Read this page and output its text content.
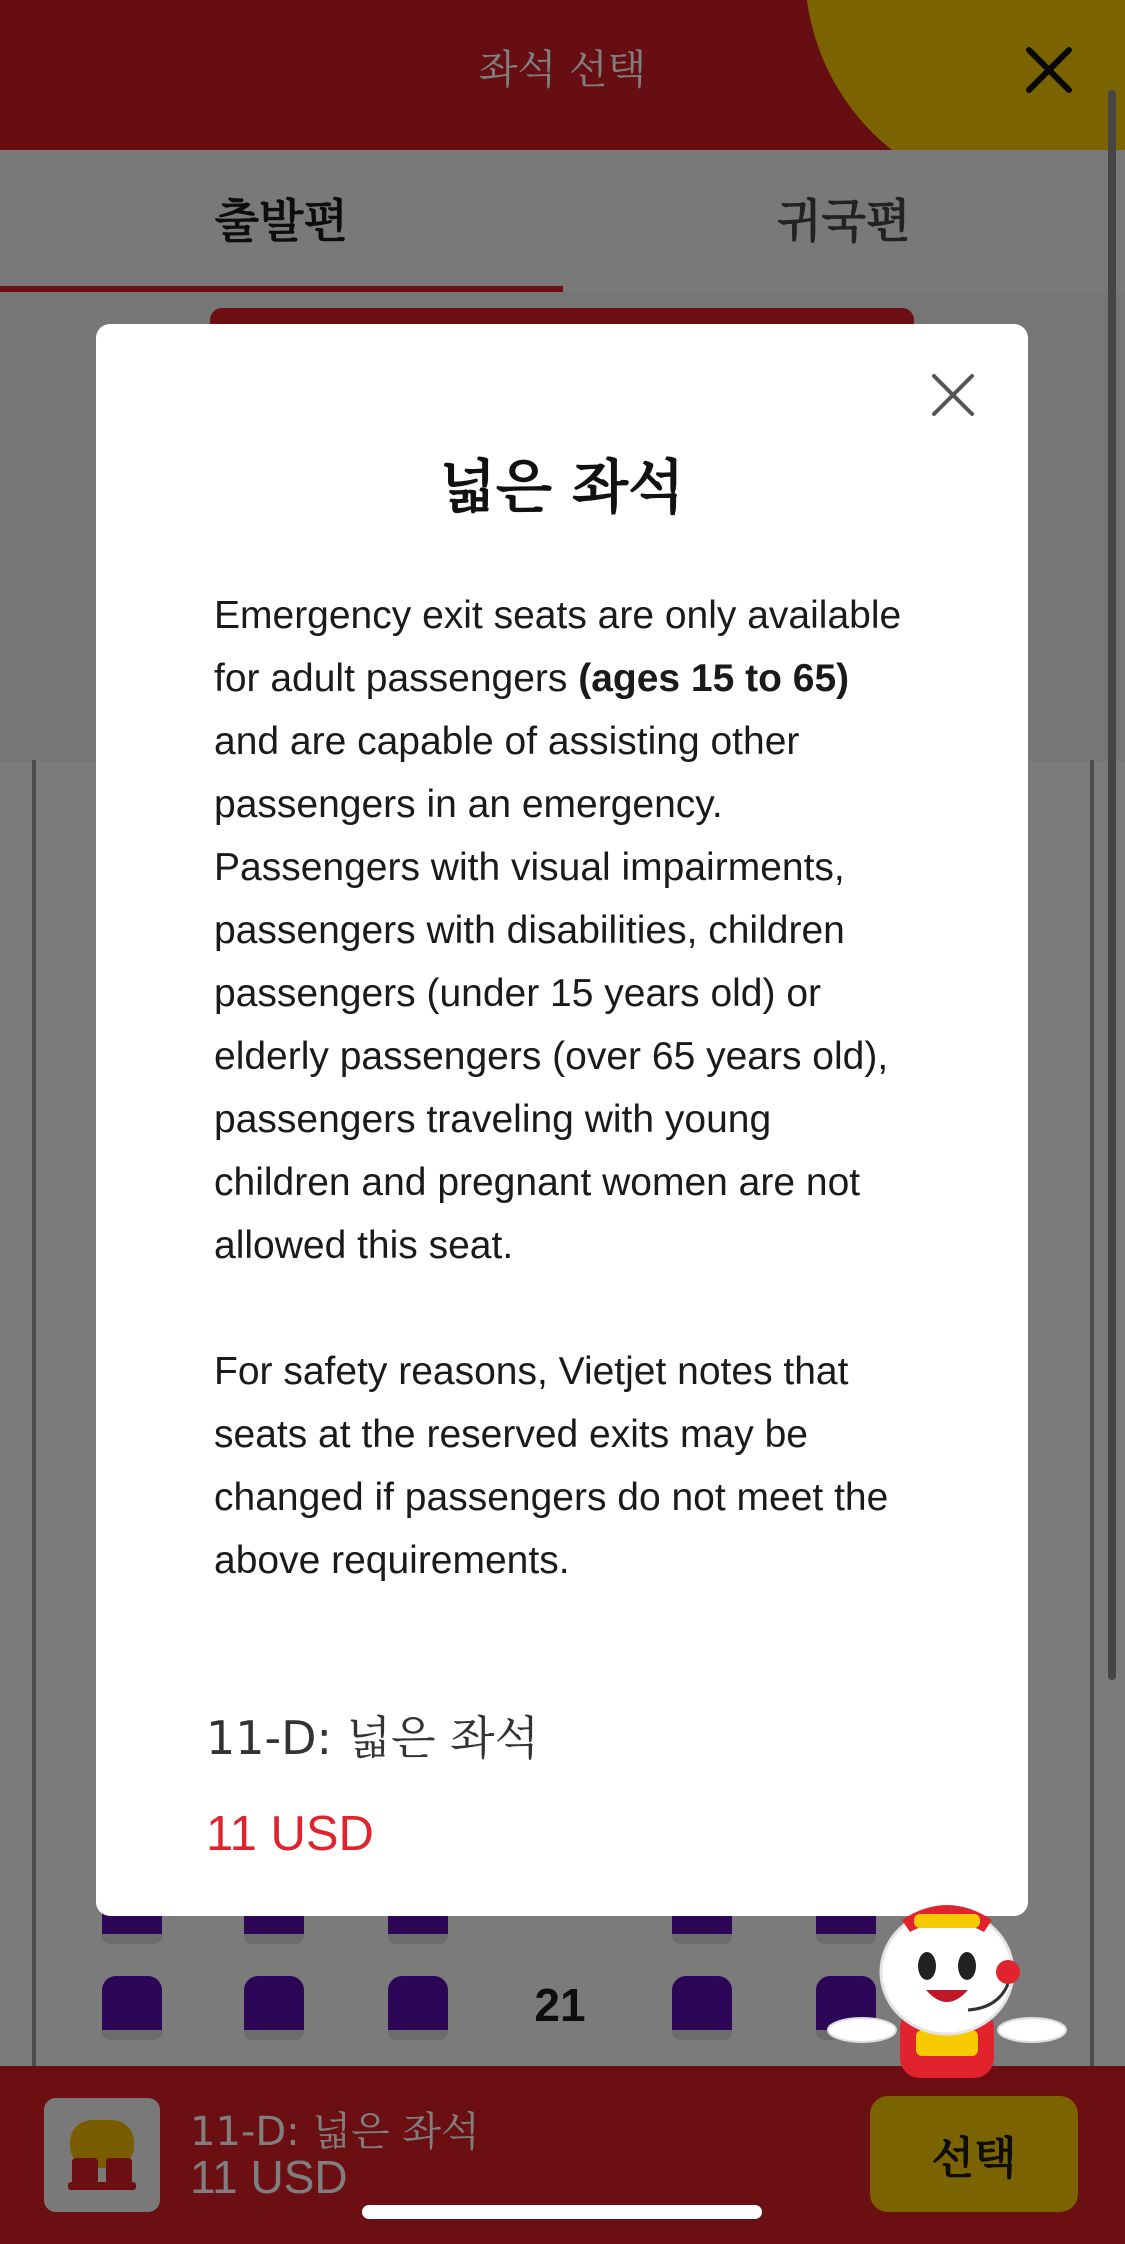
넓은 좌석

Emergency exit seats are only available for adult passengers (ages 15 to 65) and are capable of assisting other passengers in an emergency. Passengers with visual impairments, passengers with disabilities, children passengers (under 15 years old) or elderly passengers (over 65 years old), passengers traveling with young children and pregnant women are not allowed this seat.

For safety reasons, Vietjet notes that seats at the reserved exits may be changed if passengers do not meet the above requirements.

11-D: 넓은 좌석
11 USD
